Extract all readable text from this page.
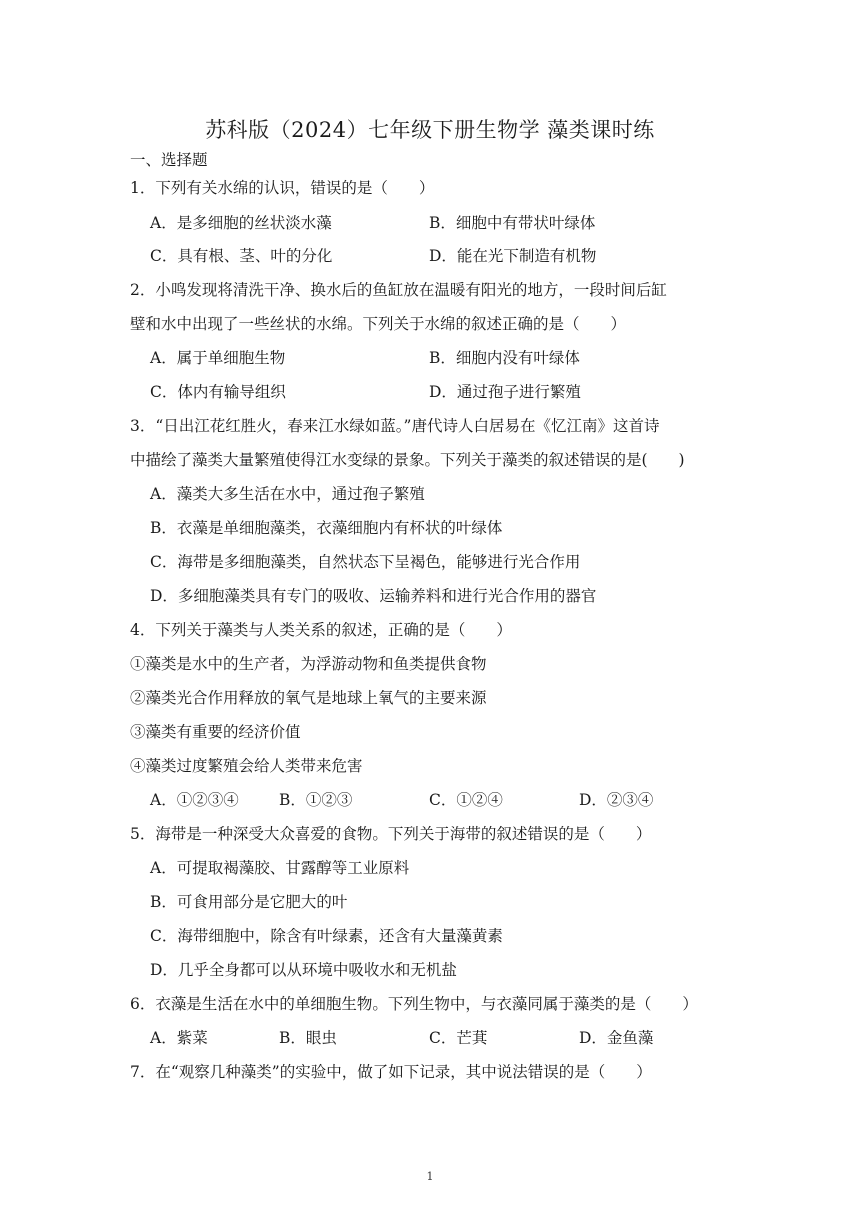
苏科版（2024）七年级下册生物学 藻类课时练
一、选择题
1．下列有关水绵的认识，错误的是（　　）
A．是多细胞的丝状淡水藻	B．细胞中有带状叶绿体
C．具有根、茎、叶的分化	D．能在光下制造有机物
2．小鸣发现将清洗干净、换水后的鱼缸放在温暖有阳光的地方，一段时间后缸
壁和水中出现了一些丝状的水绵。下列关于水绵的叙述正确的是（　　）
A．属于单细胞生物	B．细胞内没有叶绿体
C．体内有输导组织	D．通过孢子进行繁殖
3．“日出江花红胜火，春来江水绿如蓝。”唐代诗人白居易在《忆江南》这首诗
中描绘了藻类大量繁殖使得江水变绿的景象。下列关于藻类的叙述错误的是(　　)
A．藻类大多生活在水中，通过孢子繁殖
B．衣藻是单细胞藻类，衣藻细胞内有杯状的叶绿体
C．海带是多细胞藻类，自然状态下呈褐色，能够进行光合作用
D．多细胞藻类具有专门的吸收、运输养料和进行光合作用的器官
4．下列关于藻类与人类关系的叙述，正确的是（　　）
①藻类是水中的生产者，为浮游动物和鱼类提供食物
②藻类光合作用释放的氧气是地球上氧气的主要来源
③藻类有重要的经济价值
④藻类过度繁殖会给人类带来危害
A．①②③④	B．①②③	C．①②④	D．②③④
5．海带是一种深受大众喜爱的食物。下列关于海带的叙述错误的是（　　）
A．可提取褐藻胶、甘露醇等工业原料
B．可食用部分是它肥大的叶
C．海带细胞中，除含有叶绿素，还含有大量藻黄素
D．几乎全身都可以从环境中吸收水和无机盐
6．衣藻是生活在水中的单细胞生物。下列生物中，与衣藻同属于藻类的是（　　）
A．紫菜	B．眼虫	C．芒萁	D．金鱼藻
7．在“观察几种藻类”的实验中，做了如下记录，其中说法错误的是（　　）
1
